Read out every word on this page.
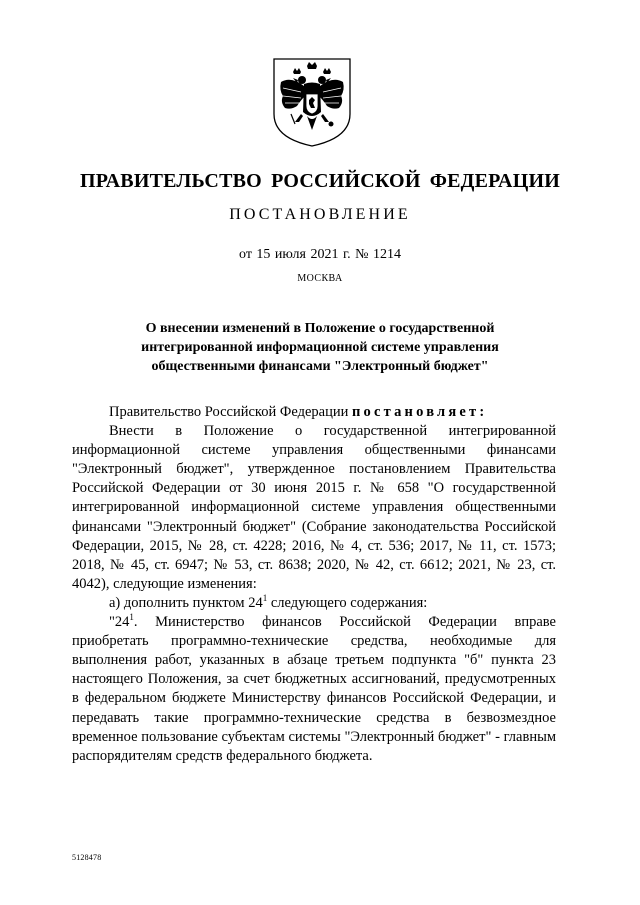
ПРАВИТЕЛЬСТВО РОССИЙСКОЙ ФЕДЕРАЦИИ
ПОСТАНОВЛЕНИЕ
от 15 июля 2021 г. № 1214
МОСКВА
О внесении изменений в Положение о государственной
интегрированной информационной системе управления
общественными финансами "Электронный бюджет"

Правительство Российской Федерации постановляет:

Внести в Положение о государственной интегрированной информационной системе управления общественными финансами "Электронный бюджет", утвержденное постановлением Правительства Российской Федерации от 30 июня 2015 г. № 658 "О государственной интегрированной информационной системе управления общественными финансами "Электронный бюджет" (Собрание законодательства Российской Федерации, 2015, № 28, ст. 4228; 2016, № 4, ст. 536; 2017, № 11, ст. 1573; 2018, № 45, ст. 6947; № 53, ст. 8638; 2020, № 42, ст. 6612; 2021, № 23, ст. 4042), следующие изменения:

а) дополнить пунктом $24^1$ следующего содержания:

"$24^1$. Министерство финансов Российской Федерации вправе приобретать программно-технические средства, необходимые для выполнения работ, указанных в абзаце третьем подпункта "б" пункта 23 настоящего Положения, за счет бюджетных ассигнований, предусмотренных в федеральном бюджете Министерству финансов Российской Федерации, и передавать такие программно-технические средства в безвозмездное временное пользование субъектам системы "Электронный бюджет" - главным распорядителям средств федерального бюджета.

5128478
